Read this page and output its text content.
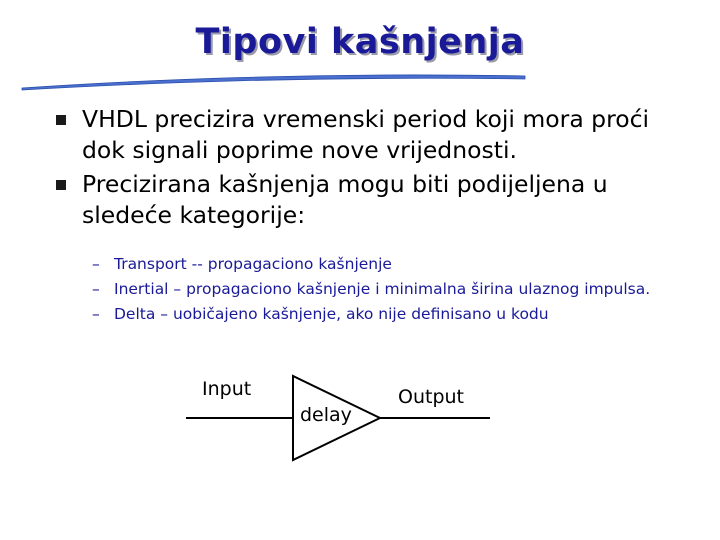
Tipovi kašnjenja
VHDL precizira vremenski period koji mora proći dok signali poprime nove vrijednosti.
Precizirana kašnjenja mogu biti podijeljena u sledeće kategorije:
– Transport -- propagaciono kašnjenje
– Inertial – propagaciono kašnjenje i minimalna širina ulaznog impulsa.
– Delta – uobičajeno kašnjenje, ako nije definisano u kodu
Input
delay
Output
